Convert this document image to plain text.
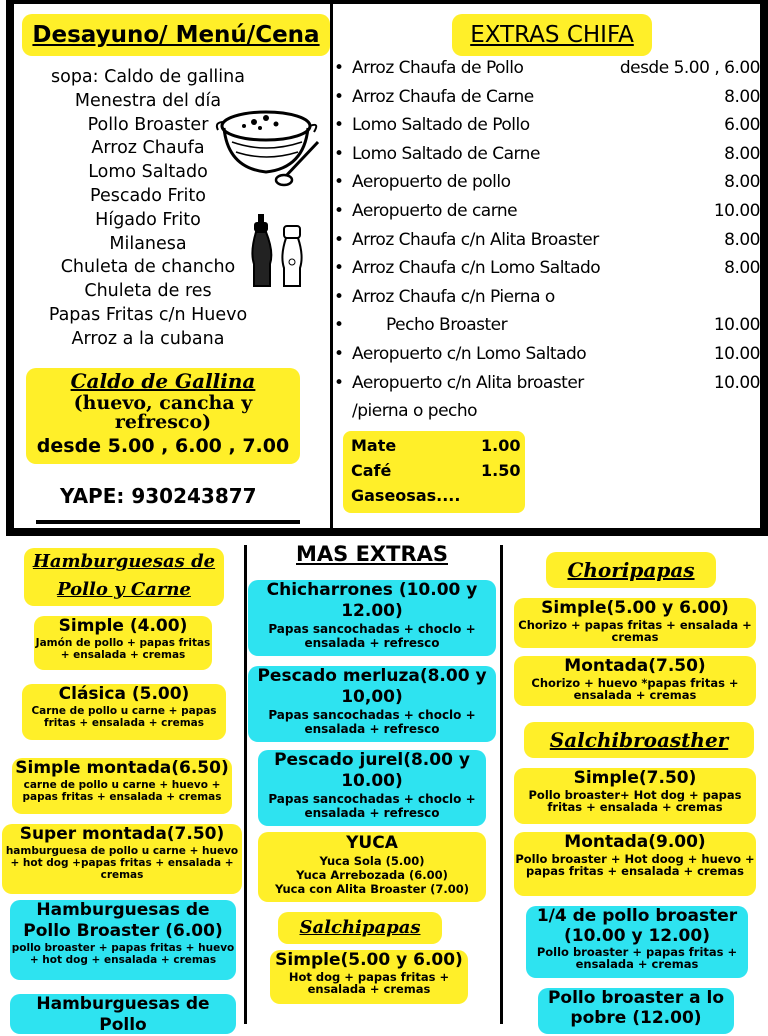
Desayuno/ Menú/Cena
sopa: Caldo de gallina
Menestra del día
Pollo Broaster
Arroz Chaufa
Lomo Saltado
Pescado Frito
Hígado Frito
Milanesa
Chuleta de chancho
Chuleta de res
Papas Fritas c/n Huevo
Arroz a la cubana
Caldo de Gallina
(huevo, cancha y refresco)
desde 5.00 , 6.00 , 7.00
YAPE: 930243877
EXTRAS CHIFA
• Arroz Chaufa de Pollo	desde 5.00 , 6.00
• Arroz Chaufa de Carne	8.00
• Lomo Saltado de Pollo	6.00
• Lomo Saltado de Carne	8.00
• Aeropuerto de pollo	8.00
• Aeropuerto de carne	10.00
• Arroz Chaufa c/n Alita Broaster	8.00
• Arroz Chaufa c/n Lomo Saltado	8.00
• Arroz Chaufa c/n Pierna o
• Pecho Broaster	10.00
• Aeropuerto c/n Lomo Saltado	10.00
• Aeropuerto c/n Alita broaster	10.00
/pierna o pecho
Mate	1.00
Café	1.50
Gaseosas....
Hamburguesas de
Pollo y Carne
Simple (4.00)
Jamón de pollo + papas fritas + ensalada + cremas
Clásica (5.00)
Carne de pollo u carne + papas fritas + ensalada + cremas
Simple montada(6.50)
carne de pollo u carne + huevo + papas fritas + ensalada + cremas
Super montada(7.50)
hamburguesa de pollo u carne + huevo + hot dog +papas fritas + ensalada + cremas
Hamburguesas de Pollo Broaster (6.00)
pollo broaster + papas fritas + huevo + hot dog + ensalada + cremas
Hamburguesas de Pollo
MAS EXTRAS
Chicharrones (10.00 y 12.00)
Papas sancochadas + choclo + ensalada + refresco
Pescado merluza(8.00 y 10,00)
Papas sancochadas + choclo + ensalada + refresco
Pescado jurel(8.00 y 10.00)
Papas sancochadas + choclo + ensalada + refresco
YUCA
Yuca Sola (5.00)
Yuca Arrebozada (6.00)
Yuca con Alita Broaster (7.00)
Salchipapas
Simple(5.00 y 6.00)
Hot dog + papas fritas + ensalada + cremas
Choripapas
Simple(5.00 y 6.00)
Chorizo + papas fritas + ensalada + cremas
Montada(7.50)
Chorizo + huevo *papas fritas + ensalada + cremas
Salchibroasther
Simple(7.50)
Pollo broaster+ Hot dog + papas fritas + ensalada + cremas
Montada(9.00)
Pollo broaster + Hot doog + huevo + papas fritas + ensalada + cremas
1/4 de pollo broaster (10.00 y 12.00)
Pollo broaster + papas fritas + ensalada + cremas
Pollo broaster a lo pobre (12.00)
